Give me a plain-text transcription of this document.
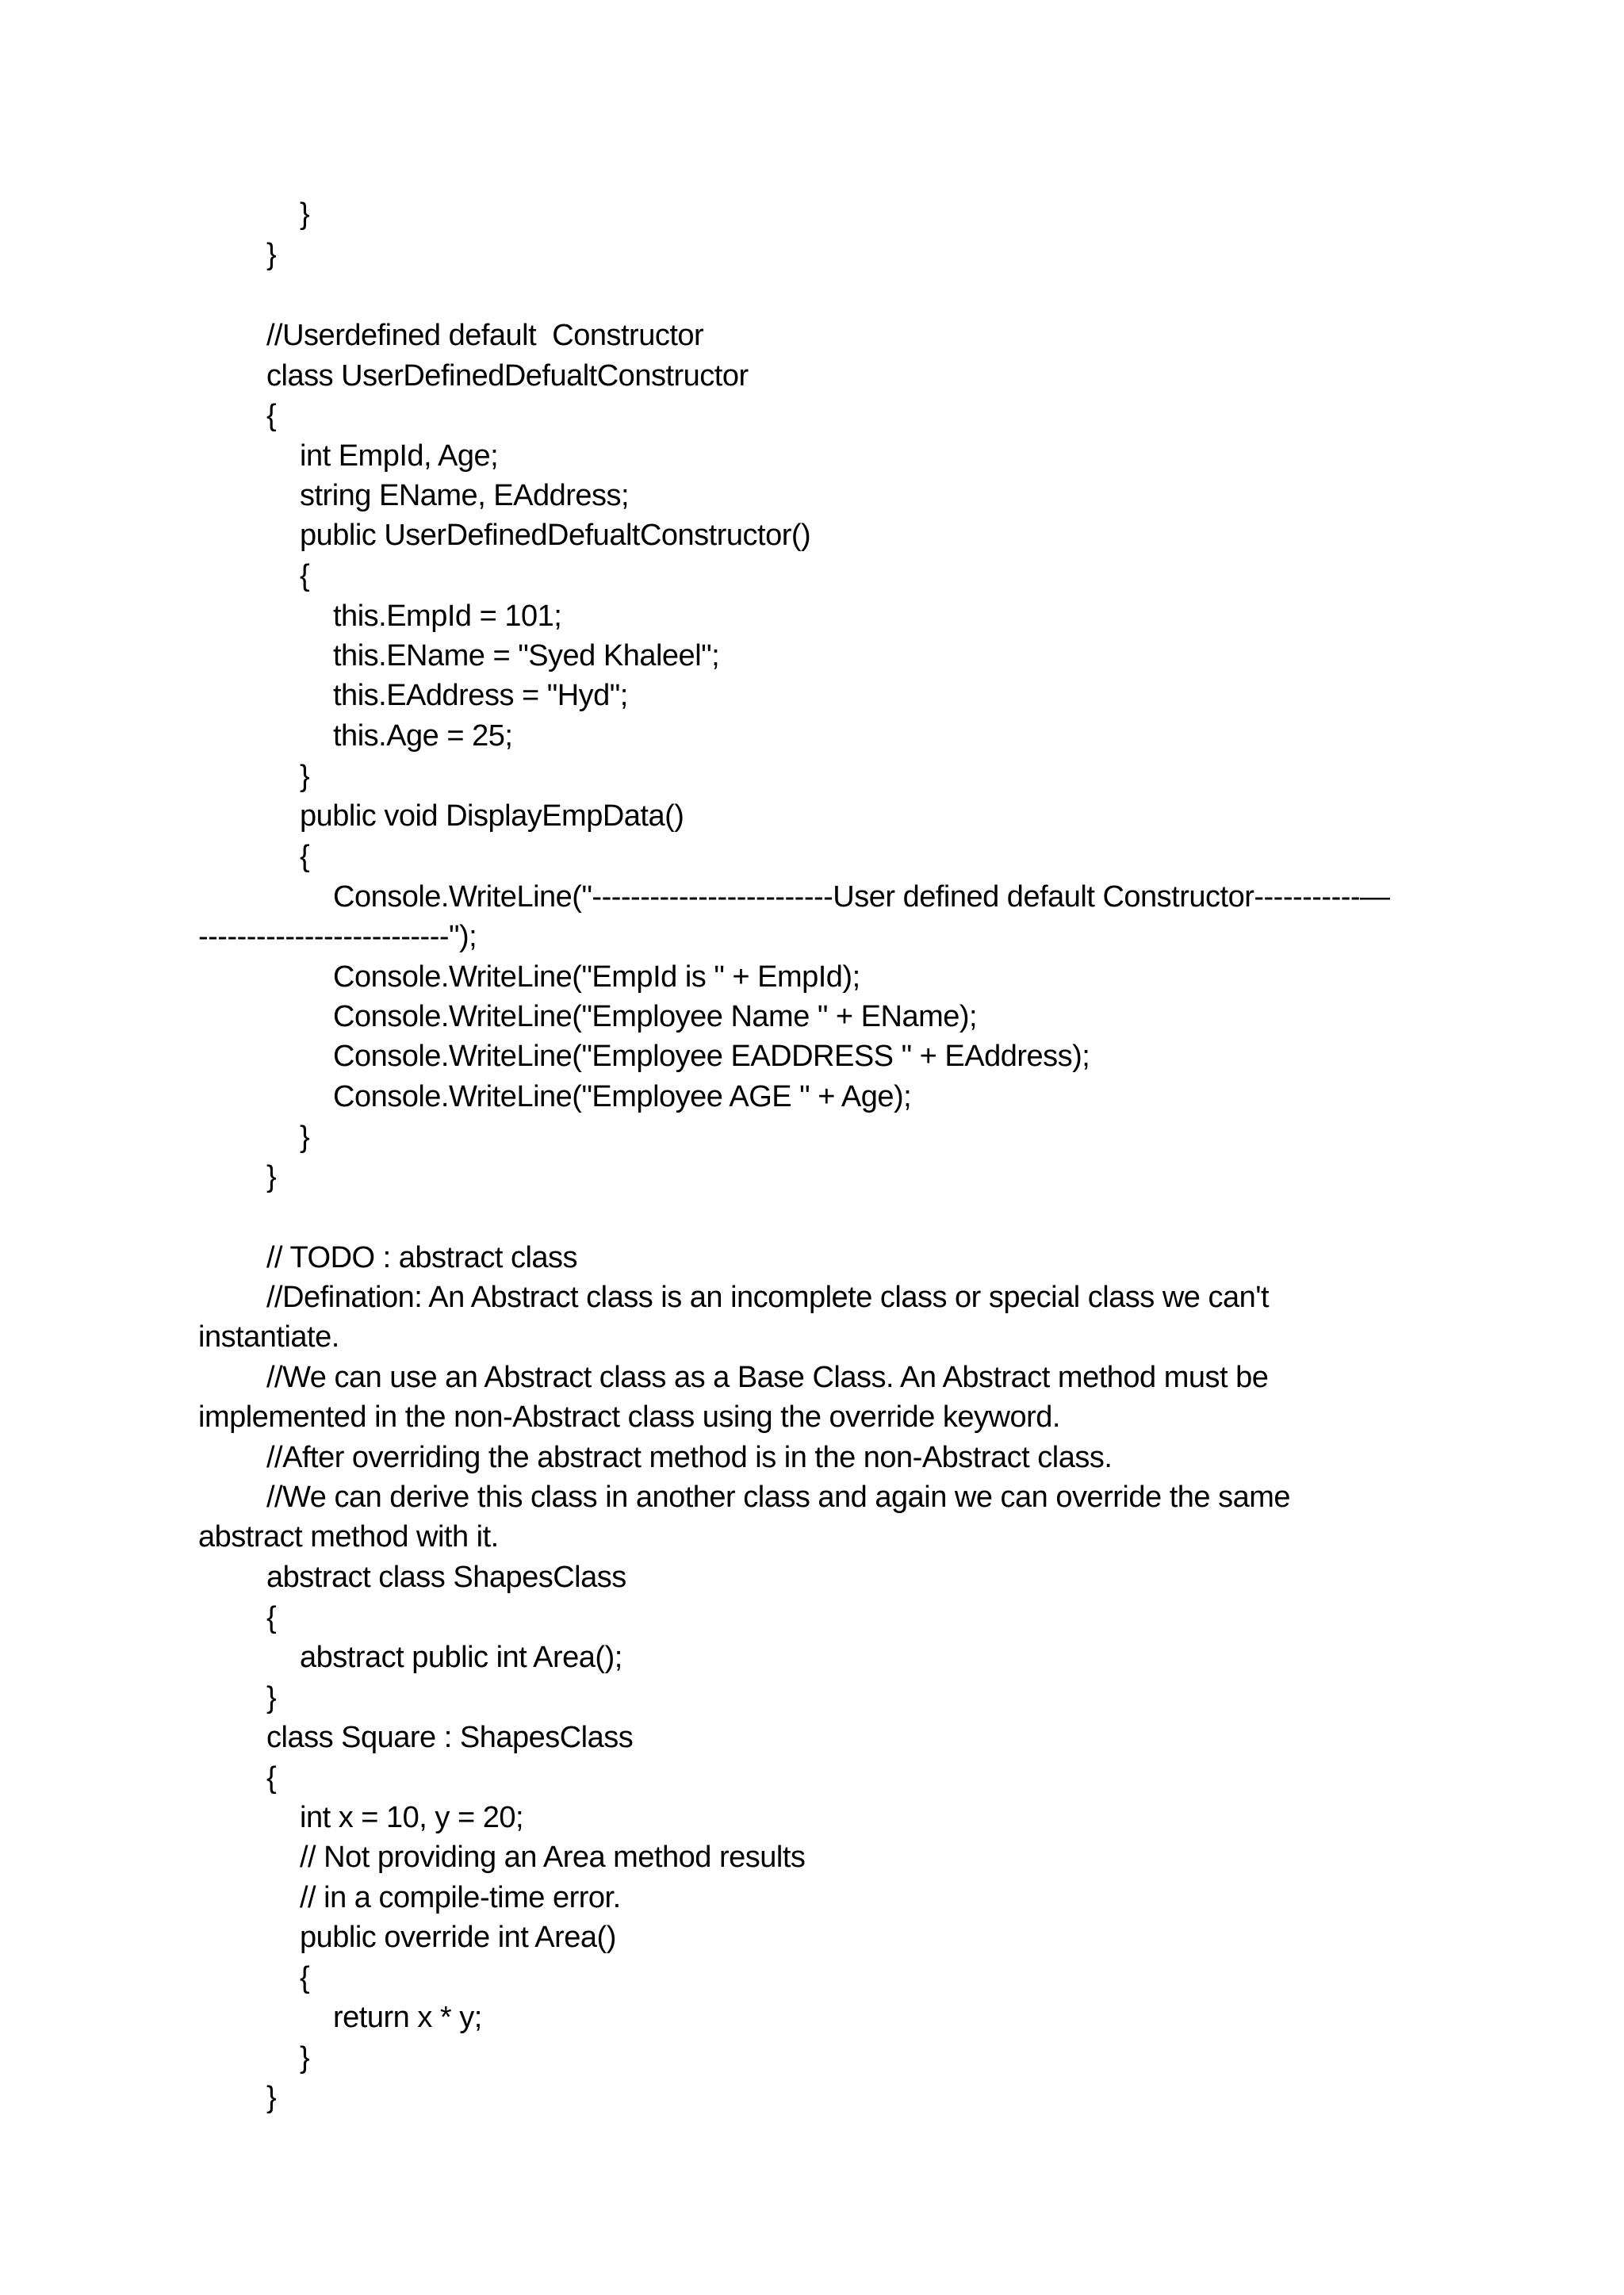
}
}
//Userdefined default  Constructor
class UserDefinedDefualtConstructor
{
int EmpId, Age;
string EName, EAddress;
public UserDefinedDefualtConstructor()
{
this.EmpId = 101;
this.EName = "Syed Khaleel";
this.EAddress = "Hyd";
this.Age = 25;
}
public void DisplayEmpData()
{
Console.WriteLine("-------------------------User defined default Constructor-----------—
--------------------------");
Console.WriteLine("EmpId is " + EmpId);
Console.WriteLine("Employee Name " + EName);
Console.WriteLine("Employee EADDRESS " + EAddress);
Console.WriteLine("Employee AGE " + Age);
}
}
// TODO : abstract class
//Defination: An Abstract class is an incomplete class or special class we can't
instantiate.
//We can use an Abstract class as a Base Class. An Abstract method must be
implemented in the non-Abstract class using the override keyword.
//After overriding the abstract method is in the non-Abstract class.
//We can derive this class in another class and again we can override the same
abstract method with it.
abstract class ShapesClass
{
abstract public int Area();
}
class Square : ShapesClass
{
int x = 10, y = 20;
// Not providing an Area method results
// in a compile-time error.
public override int Area()
{
return x * y;
}
}
